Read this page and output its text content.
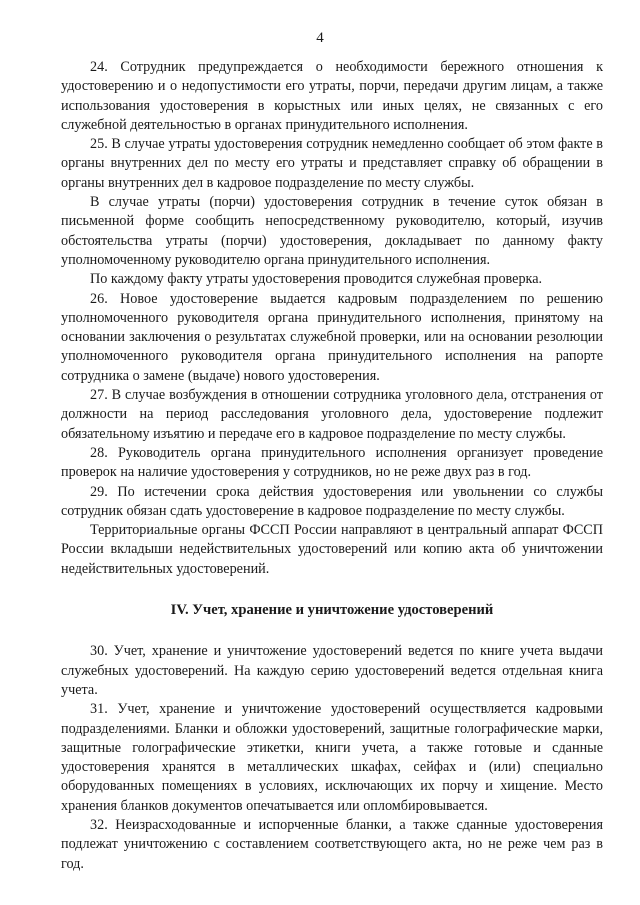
4

24. Сотрудник предупреждается о необходимости бережного отношения к удостоверению и о недопустимости его утраты, порчи, передачи другим лицам, а также использования удостоверения в корыстных или иных целях, не связанных с его служебной деятельностью в органах принудительного исполнения.

25. В случае утраты удостоверения сотрудник немедленно сообщает об этом факте в органы внутренних дел по месту его утраты и представляет справку об обращении в органы внутренних дел в кадровое подразделение по месту службы.

В случае утраты (порчи) удостоверения сотрудник в течение суток обязан в письменной форме сообщить непосредственному руководителю, который, изучив обстоятельства утраты (порчи) удостоверения, докладывает по данному факту уполномоченному руководителю органа принудительного исполнения.

По каждому факту утраты удостоверения проводится служебная проверка.

26. Новое удостоверение выдается кадровым подразделением по решению уполномоченного руководителя органа принудительного исполнения, принятому на основании заключения о результатах служебной проверки, или на основании резолюции уполномоченного руководителя органа принудительного исполнения на рапорте сотрудника о замене (выдаче) нового удостоверения.

27. В случае возбуждения в отношении сотрудника уголовного дела, отстранения от должности на период расследования уголовного дела, удостоверение подлежит обязательному изъятию и передаче его в кадровое подразделение по месту службы.

28. Руководитель органа принудительного исполнения организует проведение проверок на наличие удостоверения у сотрудников, но не реже двух раз в год.

29. По истечении срока действия удостоверения или увольнении со службы сотрудник обязан сдать удостоверение в кадровое подразделение по месту службы.

Территориальные органы ФССП России направляют в центральный аппарат ФССП России вкладыши недействительных удостоверений или копию акта об уничтожении недействительных удостоверений.

IV. Учет, хранение и уничтожение удостоверений

30. Учет, хранение и уничтожение удостоверений ведется по книге учета выдачи служебных удостоверений. На каждую серию удостоверений ведется отдельная книга учета.

31. Учет, хранение и уничтожение удостоверений осуществляется кадровыми подразделениями. Бланки и обложки удостоверений, защитные голографические марки, защитные голографические этикетки, книги учета, а также готовые и сданные удостоверения хранятся в металлических шкафах, сейфах и (или) специально оборудованных помещениях в условиях, исключающих их порчу и хищение. Место хранения бланков документов опечатывается или опломбировывается.

32. Неизрасходованные и испорченные бланки, а также сданные удостоверения подлежат уничтожению с составлением соответствующего акта, но не реже чем раз в год.
